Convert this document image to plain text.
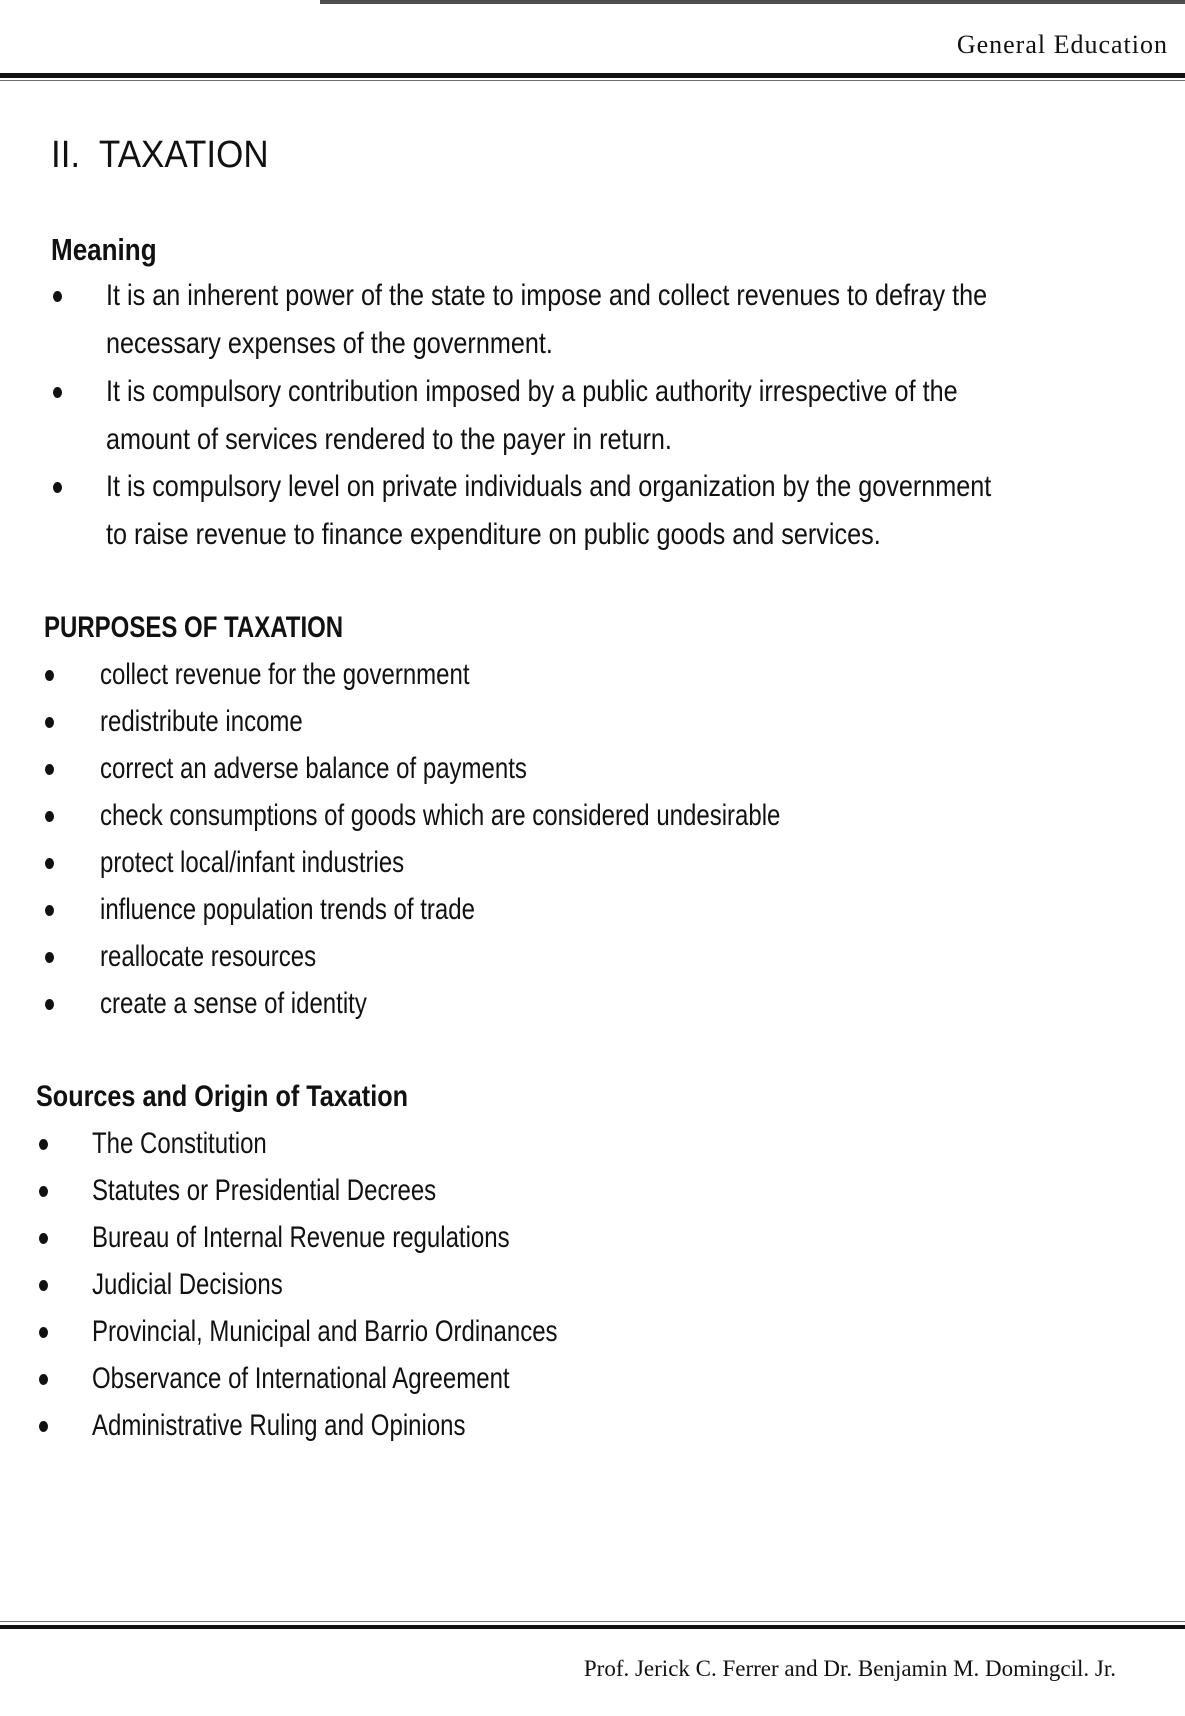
General Education
II.  TAXATION
Meaning
It is an inherent power of the state to impose and collect revenues to defray the
necessary expenses of the government.
It is compulsory contribution imposed by a public authority irrespective of the
amount of services rendered to the payer in return.
It is compulsory level on private individuals and organization by the government
to raise revenue to finance expenditure on public goods and services.
PURPOSES OF TAXATION
collect revenue for the government
redistribute income
correct an adverse balance of payments
check consumptions of goods which are considered undesirable
protect local/infant industries
influence population trends of trade
reallocate resources
create a sense of identity
Sources and Origin of Taxation
The Constitution
Statutes or Presidential Decrees
Bureau of Internal Revenue regulations
Judicial Decisions
Provincial, Municipal and Barrio Ordinances
Observance of International Agreement
Administrative Ruling and Opinions
Prof. Jerick C. Ferrer and Dr. Benjamin M. Domingcil. Jr.
